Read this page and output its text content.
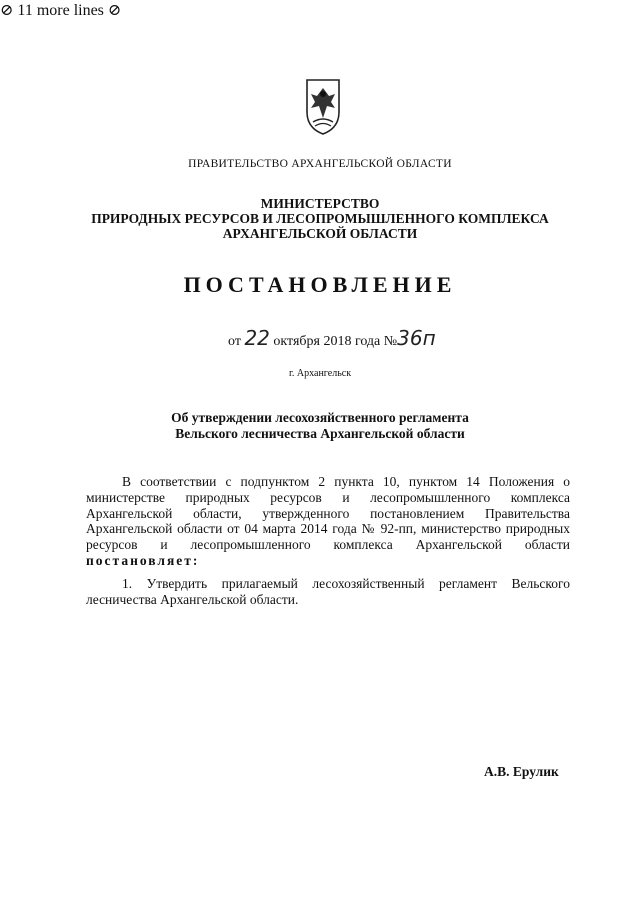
ПРАВИТЕЛЬСТВО АРХАНГЕЛЬСКОЙ ОБЛАСТИ
МИНИСТЕРСТВО
ПРИРОДНЫХ РЕСУРСОВ И ЛЕСОПРОМЫШЛЕННОГО КОМПЛЕКСА
АРХАНГЕЛЬСКОЙ ОБЛАСТИ
ПОСТАНОВЛЕНИЕ
от 22 октября 2018 года №36п
г. Архангельск
Об утверждении лесохозяйственного регламента
Вельского лесничества Архангельской области
В соответствии с подпунктом 2 пункта 10, пунктом 14 Положения о министерстве природных ресурсов и лесопромышленного комплекса Архангельской области, утвержденного постановлением Правительства Архангельской области от 04 марта 2014 года № 92-пп, министерство природных ресурсов и лесопромышленного комплекса Архангельской области постановляет:
1. Утвердить прилагаемый лесохозяйственный регламент Вельского лесничества Архангельской области.
⊘ 11 more lines ⊘
А.В. Ерулик
